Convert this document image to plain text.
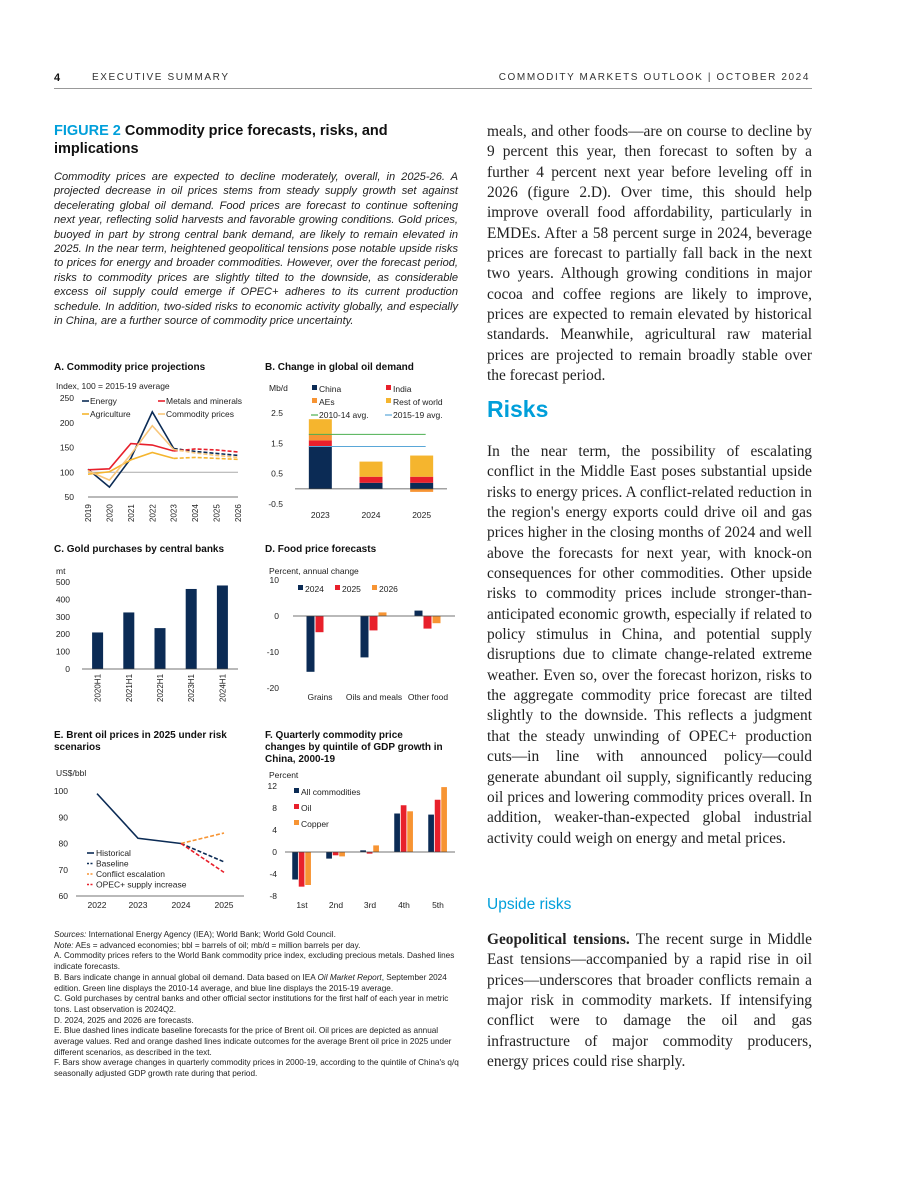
4	EXECUTIVE SUMMARY	COMMODITY MARKETS OUTLOOK | OCTOBER 2024
FIGURE 2 Commodity price forecasts, risks, and implications
Commodity prices are expected to decline moderately, overall, in 2025-26. A projected decrease in oil prices stems from steady supply growth set against decelerating global oil demand. Food prices are forecast to continue softening next year, reflecting solid harvests and favorable growing conditions. Gold prices, buoyed in part by strong central bank demand, are likely to remain elevated in 2025. In the near term, heightened geopolitical tensions pose notable upside risks to prices for energy and broader commodities. However, over the forecast period, risks to commodity prices are slightly tilted to the downside, as considerable excess oil supply could emerge if OPEC+ adheres to its current production schedule. In addition, two-sided risks to economic activity globally, and especially in China, are a further source of commodity price uncertainty.
A. Commodity price projections
50
100
150
200
250
Index, 100 = 2015-19 average
2019 2020 2021 2022 2023 2024 2025 2026
Energy	Metals and minerals
Agriculture	Commodity prices
B. Change in global oil demand
-0.5
0.5
1.5
2.5
Mb/d
2023	2024	2025
China	India
AEs	Rest of world
2010-14 avg.	2015-19 avg.
C. Gold purchases by central banks
0
100
200
300
400
500
mt
2020H1	2021H1	2022H1	2023H1	2024H1
D. Food price forecasts
-20
-10
0
10
Percent, annual change
Grains Oils and meals Other food
2024 2025 2026
E. Brent oil prices in 2025 under risk scenarios
60
70
80
90
100
US$/bbl
2022	2023	2024	2025
Historical
Baseline
Conflict escalation
OPEC+ supply increase
F. Quarterly commodity price changes by quintile of GDP growth in China, 2000-19
-8
-4
0
4
8
12
Percent
1st 2nd 3rd	4th	5th
All commodities
Oil
Copper

Sources: International Energy Agency (IEA); World Bank; World Gold Council.

Note: AEs = advanced economies; bbl = barrels of oil; mb/d = million barrels per day.

A. Commodity prices refers to the World Bank commodity price index, excluding precious metals. Dashed lines indicate forecasts.

B. Bars indicate change in annual global oil demand. Data based on IEA Oil Market Report, September 2024 edition. Green line displays the 2010-14 average, and blue line displays the 2015-19 average.

C. Gold purchases by central banks and other official sector institutions for the first half of each year in metric tons. Last observation is 2024Q2.

D. 2024, 2025 and 2026 are forecasts.

E. Blue dashed lines indicate baseline forecasts for the price of Brent oil. Oil prices are depicted as annual average values. Red and orange dashed lines indicate outcomes for the average Brent oil price in 2025 under different scenarios, as described in the text.

F. Bars show average changes in quarterly commodity prices in 2000-19, according to the quintile of China's q/q seasonally adjusted GDP growth rate during that period.

meals, and other foods—are on course to decline by 9 percent this year, then forecast to soften by a further 4 percent next year before leveling off in 2026 (figure 2.D). Over time, this should help improve overall food affordability, particularly in EMDEs. After a 58 percent surge in 2024, beverage prices are forecast to partially fall back in the next two years. Although growing conditions in major cocoa and coffee regions are likely to improve, prices are expected to remain elevated by historical standards. Meanwhile, agricultural raw material prices are projected to remain broadly stable over the forecast period.

Risks

In the near term, the possibility of escalating conflict in the Middle East poses substantial upside risks to energy prices. A conflict-related reduction in the region's energy exports could drive oil and gas prices higher in the closing months of 2024 and well above the forecasts for next year, with knock-on consequences for other commodities. Other upside risks to commodity prices include stronger-than-anticipated economic growth, especially if related to policy stimulus in China, and potential supply disruptions due to climate change-related extreme weather. Even so, over the forecast horizon, risks to the aggregate commodity price forecast are tilted slightly to the downside. This reflects a judgment that the steady unwinding of OPEC+ production cuts—in line with announced policy—could generate abundant oil supply, significantly reducing oil prices and lowering commodity prices overall. In addition, weaker-than-expected global industrial activity could weigh on energy and metal prices.

Upside risks

Geopolitical tensions. The recent surge in Middle East tensions—accompanied by a rapid rise in oil prices—underscores that broader conflicts remain a major risk in commodity markets. If intensifying conflict were to damage the oil and gas infrastructure of major commodity producers, energy prices could rise sharply.
